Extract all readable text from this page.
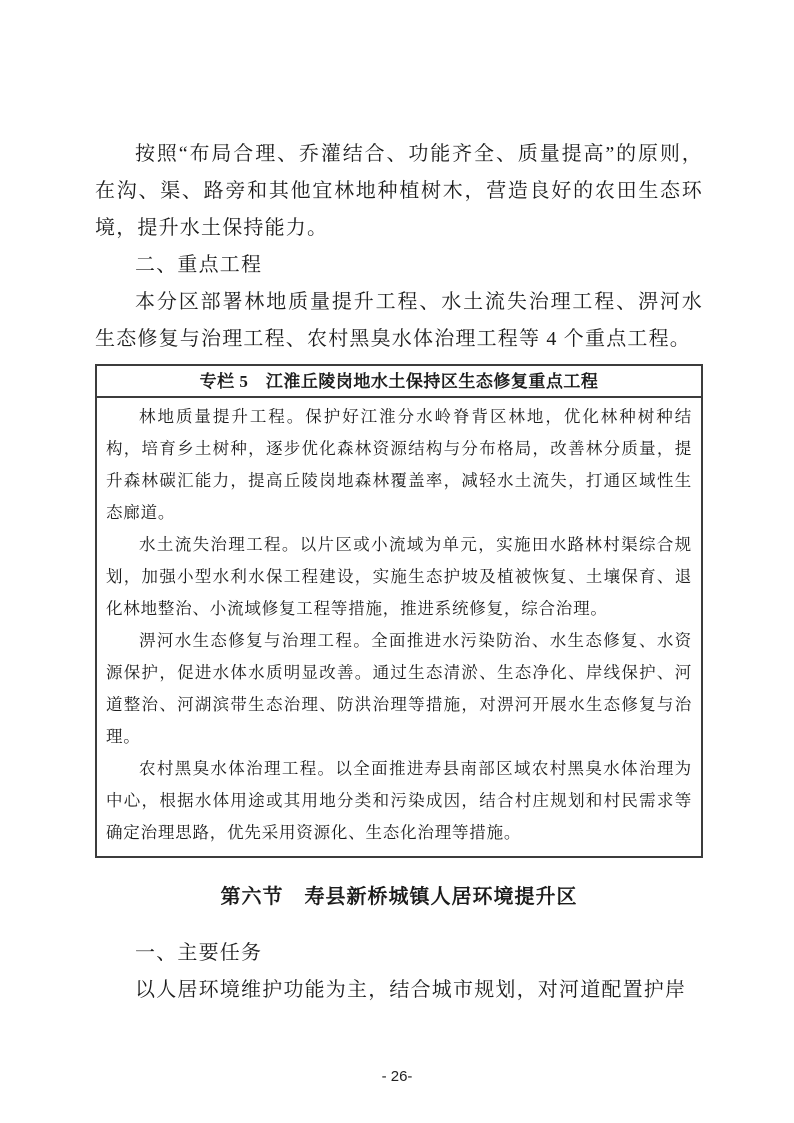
按照“布局合理、乔灌结合、功能齐全、质量提高”的原则，在沟、渠、路旁和其他宜林地种植树木，营造良好的农田生态环境，提升水土保持能力。

二、重点工程

本分区部署林地质量提升工程、水土流失治理工程、淠河水生态修复与治理工程、农村黑臭水体治理工程等 4 个重点工程。

专栏 5　江淮丘陵岗地水土保持区生态修复重点工程

林地质量提升工程。保护好江淮分水岭脊背区林地，优化林种树种结构，培育乡土树种，逐步优化森林资源结构与分布格局，改善林分质量，提升森林碳汇能力，提高丘陵岗地森林覆盖率，减轻水土流失，打通区域性生态廊道。

水土流失治理工程。以片区或小流域为单元，实施田水路林村渠综合规划，加强小型水利水保工程建设，实施生态护坡及植被恢复、土壤保育、退化林地整治、小流域修复工程等措施，推进系统修复，综合治理。

淠河水生态修复与治理工程。全面推进水污染防治、水生态修复、水资源保护，促进水体水质明显改善。通过生态清淤、生态净化、岸线保护、河道整治、河湖滨带生态治理、防洪治理等措施，对淠河开展水生态修复与治理。

农村黑臭水体治理工程。以全面推进寿县南部区域农村黑臭水体治理为中心，根据水体用途或其用地分类和污染成因，结合村庄规划和村民需求等确定治理思路，优先采用资源化、生态化治理等措施。

第六节　寿县新桥城镇人居环境提升区

一、主要任务

以人居环境维护功能为主，结合城市规划，对河道配置护岸

- 26-
